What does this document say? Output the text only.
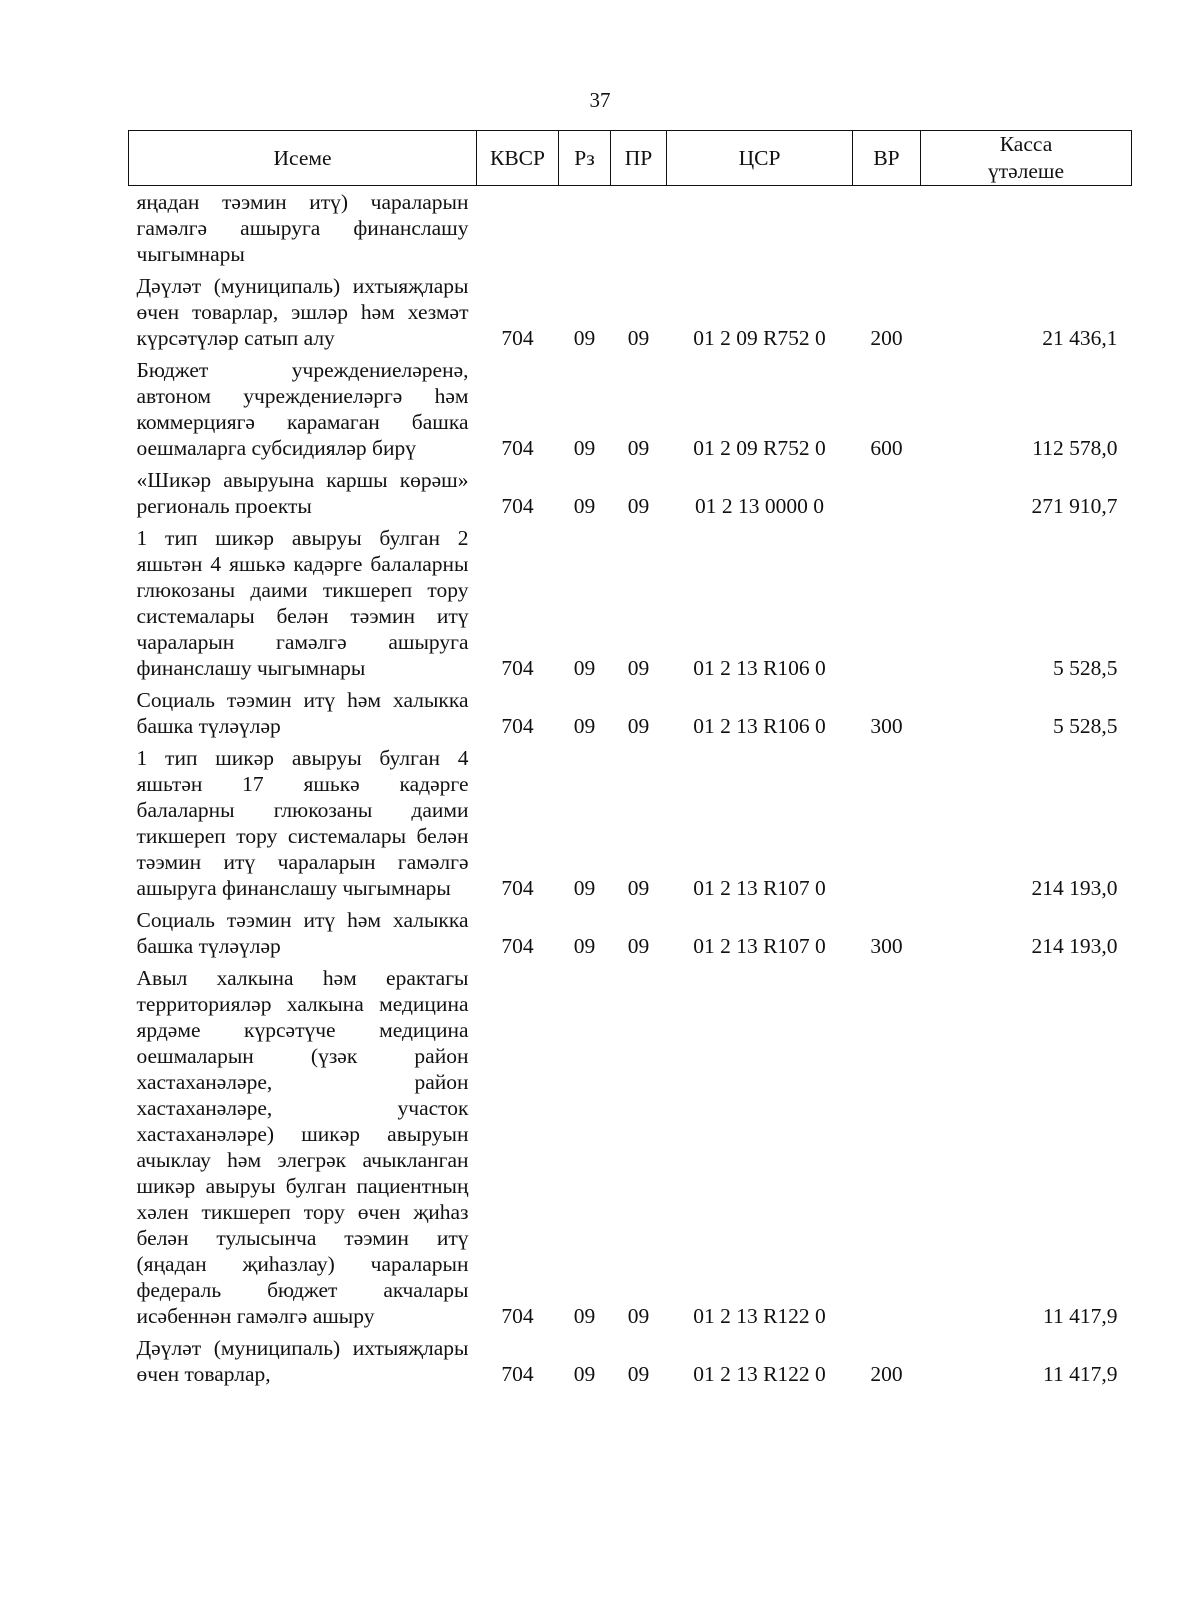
37
Исеме	КВСР	Рз	ПР	ЦСР	ВР	Касса үтәлеше
яңадан тәэмин итү) чараларын гамәлгә ашыруга финанслашу чыгымнары						
Дәүләт (муниципаль) ихтыяҗлары өчен товарлар, эшләр һәм хезмәт күрсәтүләр сатып алу	704	09	09	01 2 09 R752 0	200	21 436,1
Бюджет учреждениеләренә, автоном учреждениеләргә һәм коммерциягә карамаган башка оешмаларга субсидияләр бирү	704	09	09	01 2 09 R752 0	600	112 578,0
«Шикәр авыруына каршы көрәш» региональ проекты	704	09	09	01 2 13 0000 0		271 910,7
1 тип шикәр авыруы булган 2 яшьтән 4 яшькә кадәрге балаларны глюкозаны даими тикшереп тору системалары белән тәэмин итү чараларын гамәлгә ашыруга финанслашу чыгымнары	704	09	09	01 2 13 R106 0		5 528,5
Социаль тәэмин итү һәм халыкка башка түләүләр	704	09	09	01 2 13 R106 0	300	5 528,5
1 тип шикәр авыруы булган 4 яшьтән 17 яшькә кадәрге балаларны глюкозаны даими тикшереп тору системалары белән тәэмин итү чараларын гамәлгә ашыруга финанслашу чыгымнары	704	09	09	01 2 13 R107 0		214 193,0
Социаль тәэмин итү һәм халыкка башка түләүләр	704	09	09	01 2 13 R107 0	300	214 193,0
Авыл халкына һәм ерактагы территорияләр халкына медицина ярдәме күрсәтүче медицина оешмаларын (үзәк район хастаханәләре, район хастаханәләре, участок хастаханәләре) шикәр авыруын ачыклау һәм элегрәк ачыкланган шикәр авыруы булган пациентның хәлен тикшереп тору өчен җиһаз белән тулысынча тәэмин итү (яңадан җиһазлау) чараларын федераль бюджет акчалары исәбеннән гамәлгә ашыру	704	09	09	01 2 13 R122 0		11 417,9
Дәүләт (муниципаль) ихтыяҗлары өчен товарлар,	704	09	09	01 2 13 R122 0	200	11 417,9
